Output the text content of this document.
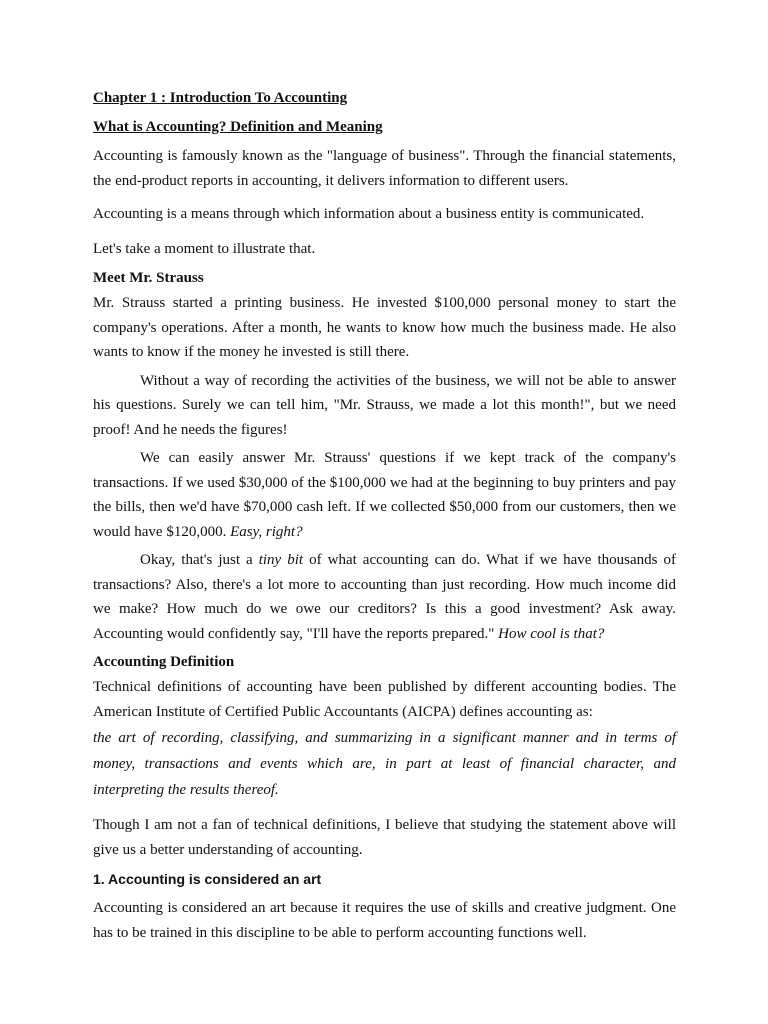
Chapter 1 : Introduction To Accounting

What is Accounting? Definition and Meaning

Accounting is famously known as the "language of business". Through the financial statements, the end-product reports in accounting, it delivers information to different users.

Accounting is a means through which information about a business entity is communicated.

Let's take a moment to illustrate that.

Meet Mr. Strauss

Mr. Strauss started a printing business. He invested $100,000 personal money to start the company's operations. After a month, he wants to know how much the business made. He also wants to know if the money he invested is still there.

Without a way of recording the activities of the business, we will not be able to answer his questions. Surely we can tell him, "Mr. Strauss, we made a lot this month!", but we need proof! And he needs the figures!

We can easily answer Mr. Strauss' questions if we kept track of the company's transactions. If we used $30,000 of the $100,000 we had at the beginning to buy printers and pay the bills, then we'd have $70,000 cash left. If we collected $50,000 from our customers, then we would have $120,000. Easy, right?

Okay, that's just a tiny bit of what accounting can do. What if we have thousands of transactions? Also, there's a lot more to accounting than just recording. How much income did we make? How much do we owe our creditors? Is this a good investment? Ask away. Accounting would confidently say, "I'll have the reports prepared." How cool is that?

Accounting Definition

Technical definitions of accounting have been published by different accounting bodies. The American Institute of Certified Public Accountants (AICPA) defines accounting as:

the art of recording, classifying, and summarizing in a significant manner and in terms of money, transactions and events which are, in part at least of financial character, and interpreting the results thereof.

Though I am not a fan of technical definitions, I believe that studying the statement above will give us a better understanding of accounting.

1. Accounting is considered an art

Accounting is considered an art because it requires the use of skills and creative judgment. One has to be trained in this discipline to be able to perform accounting functions well.
